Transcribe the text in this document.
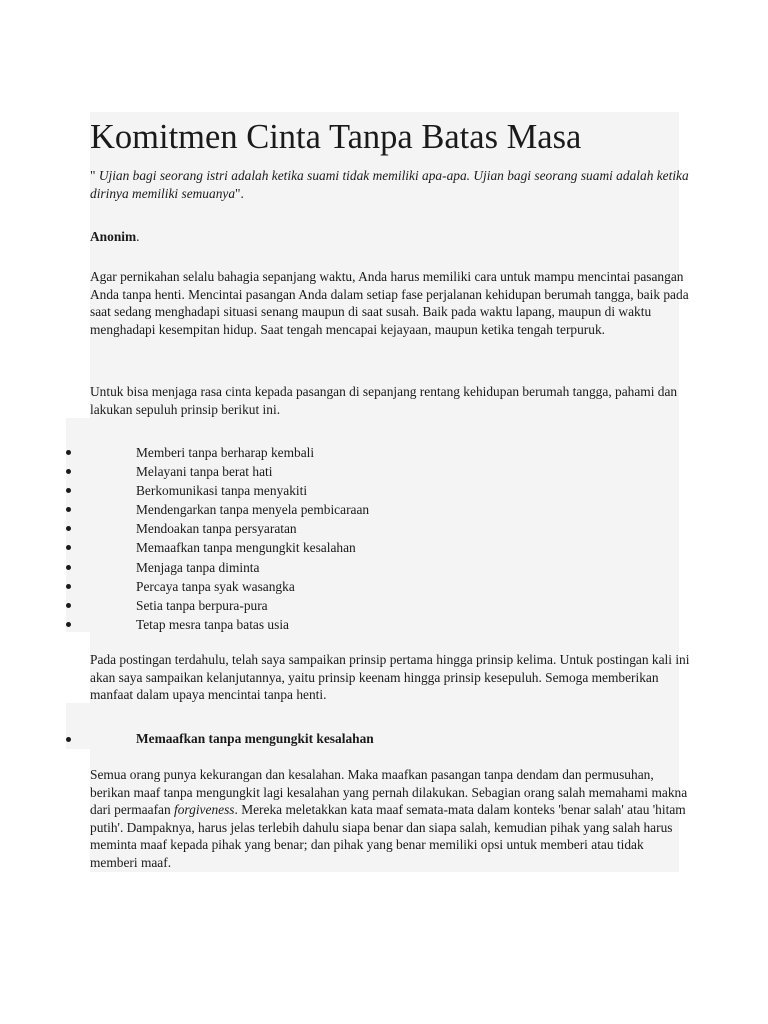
Komitmen Cinta Tanpa Batas Masa

" Ujian bagi seorang istri adalah ketika suami tidak memiliki apa-apa. Ujian bagi seorang suami adalah ketika dirinya memiliki semuanya".

Anonim.

Agar pernikahan selalu bahagia sepanjang waktu, Anda harus memiliki cara untuk mampu mencintai pasangan Anda tanpa henti. Mencintai pasangan Anda dalam setiap fase perjalanan kehidupan berumah tangga, baik pada saat sedang menghadapi situasi senang maupun di saat susah. Baik pada waktu lapang, maupun di waktu menghadapi kesempitan hidup. Saat tengah mencapai kejayaan, maupun ketika tengah terpuruk.

Untuk bisa menjaga rasa cinta kepada pasangan di sepanjang rentang kehidupan berumah tangga, pahami dan lakukan sepuluh prinsip berikut ini.

Memberi tanpa berharap kembali
Melayani tanpa berat hati
Berkomunikasi tanpa menyakiti
Mendengarkan tanpa menyela pembicaraan
Mendoakan tanpa persyaratan
Memaafkan tanpa mengungkit kesalahan
Menjaga tanpa diminta
Percaya tanpa syak wasangka
Setia tanpa berpura-pura
Tetap mesra tanpa batas usia

Pada postingan terdahulu, telah saya sampaikan prinsip pertama hingga prinsip kelima. Untuk postingan kali ini akan saya sampaikan kelanjutannya, yaitu prinsip keenam hingga prinsip kesepuluh. Semoga memberikan manfaat dalam upaya mencintai tanpa henti.

Memaafkan tanpa mengungkit kesalahan

Semua orang punya kekurangan dan kesalahan. Maka maafkan pasangan tanpa dendam dan permusuhan, berikan maaf tanpa mengungkit lagi kesalahan yang pernah dilakukan. Sebagian orang salah memahami makna dari permaafan forgiveness. Mereka meletakkan kata maaf semata-mata dalam konteks 'benar salah' atau 'hitam putih'. Dampaknya, harus jelas terlebih dahulu siapa benar dan siapa salah, kemudian pihak yang salah harus meminta maaf kepada pihak yang benar; dan pihak yang benar memiliki opsi untuk memberi atau tidak memberi maaf.
